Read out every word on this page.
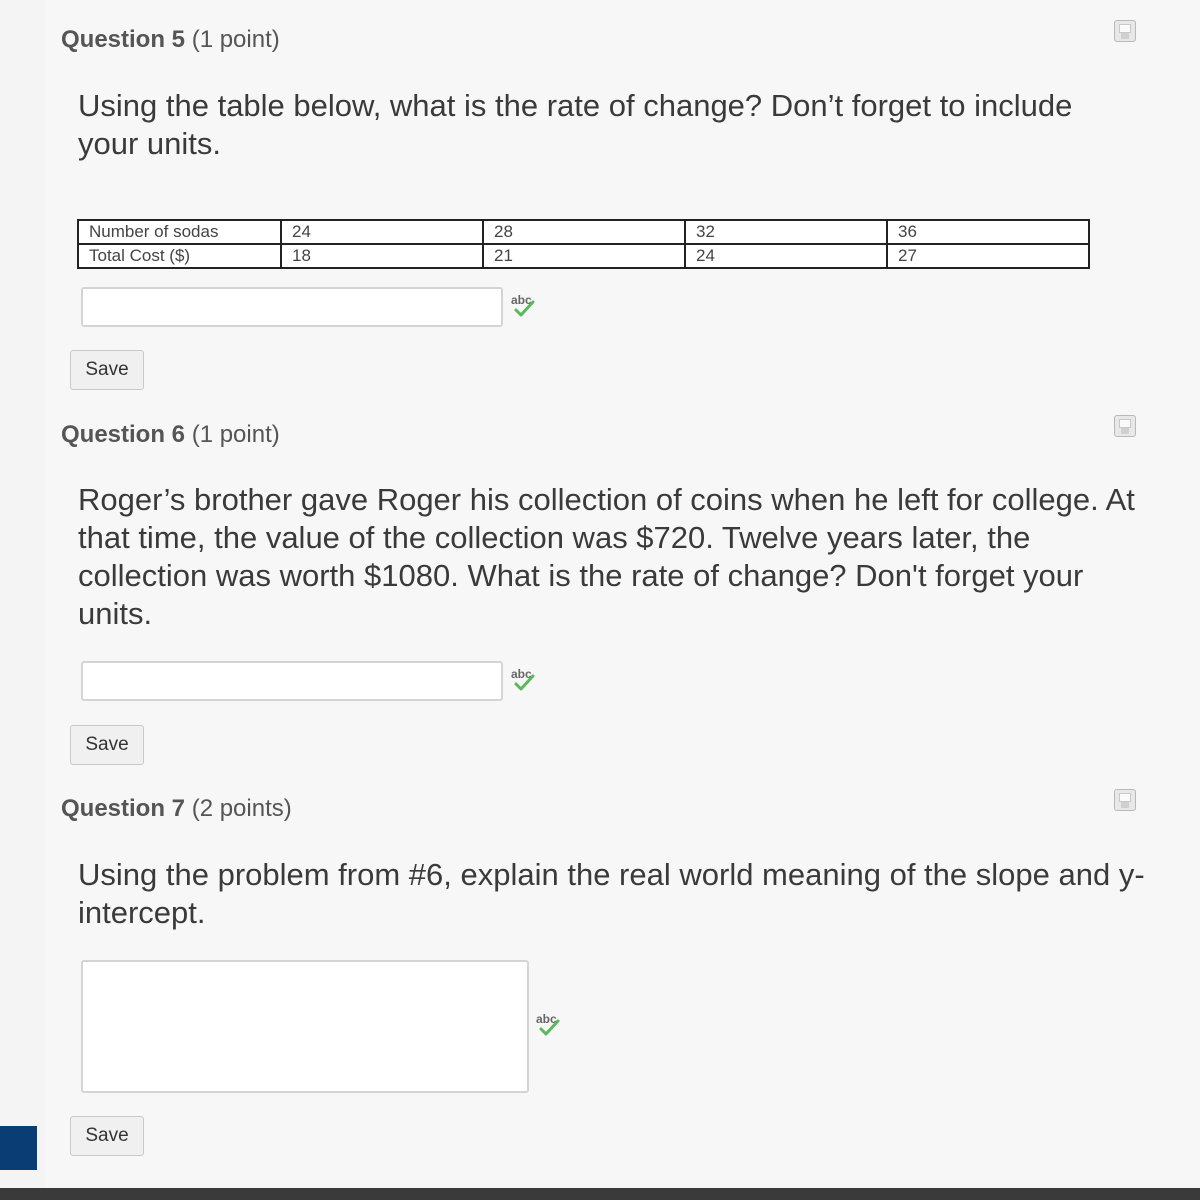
Question 5 (1 point)
Using the table below, what is the rate of change? Don’t forget to include your units.
Number of sodas	24	28	32	36
Total Cost ($)	18	21	24	27
abc
Save
Question 6 (1 point)
Roger’s brother gave Roger his collection of coins when he left for college. At that time, the value of the collection was $720. Twelve years later, the collection was worth $1080. What is the rate of change? Don't forget your units.
abc
Save
Question 7 (2 points)
Using the problem from #6, explain the real world meaning of the slope and y-intercept.
abc
Save
